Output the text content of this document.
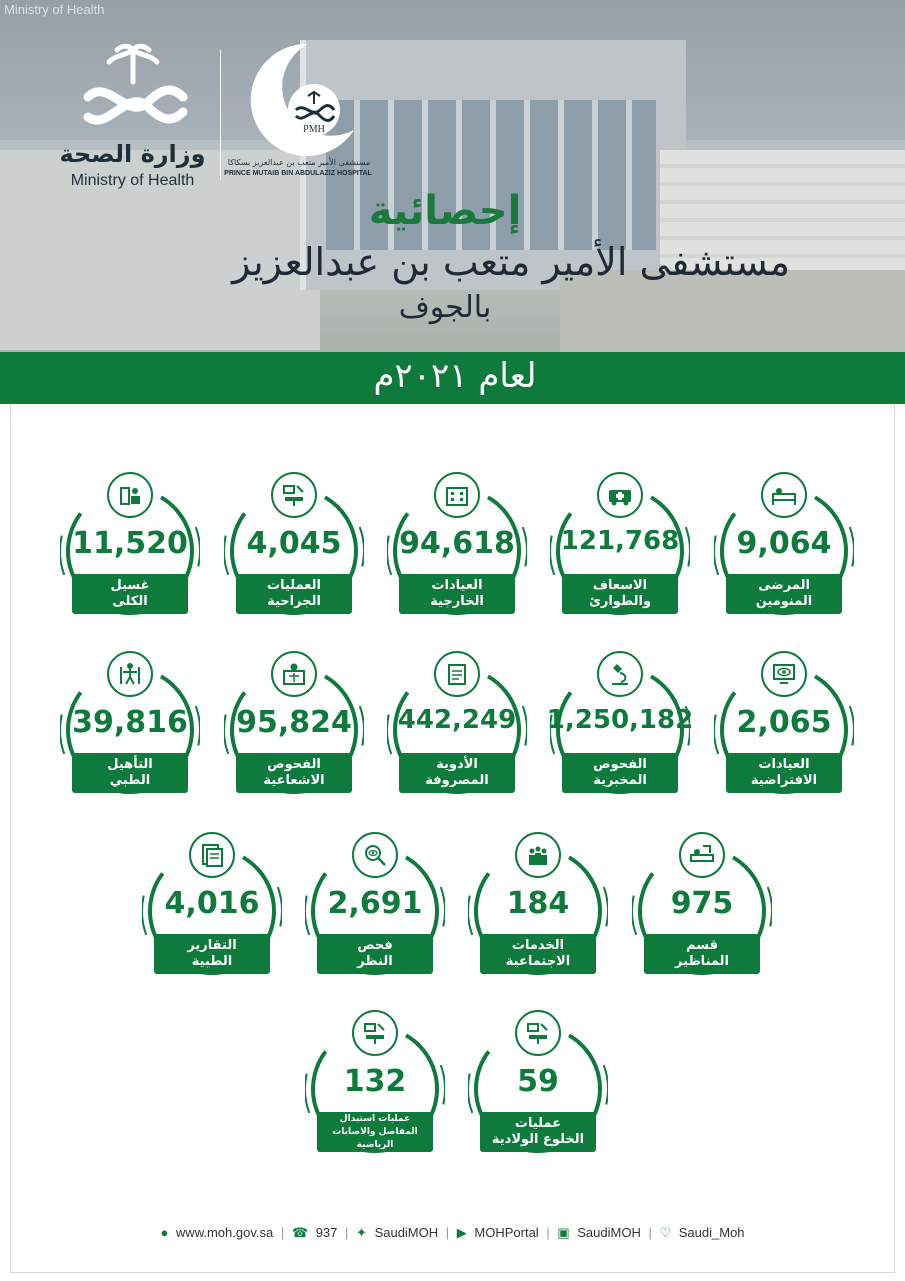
Ministry of Health
وزارة الصحة
Ministry of Health
PMH
مستشفى الأمير متعب بن عبدالعزيز بسكاكا
PRINCE MUTAIB BIN ABDULAZIZ HOSPITAL
إحصائية
مستشفى الأمير متعب بن عبدالعزيز
بالجوف
لعام ٢٠٢١م
9,064
المرضى
المنومين
121,768
الاسعاف
والطوارئ
94,618
العيادات
الخارجية
4,045
العمليات
الجراحية
11,520
غسيل
الكلى
2,065
العيادات
الافتراضية
1,250,182
الفحوص
المخبرية
442,249
الأدوية
المصروفة
95,824
الفحوص
الاشعاعية
39,816
التأهيل
الطبي
975
قسم
المناظير
184
الخدمات
الاجتماعية
2,691
فحص
النظر
4,016
التقارير
الطبية
59
عمليات
الخلوع الولادية
132
عمليات استبدال
المفاصل والاصابات الرياضية
● www.moh.gov.sa | ☎ 937 | ✦ SaudiMOH | ▶ MOHPortal | ▣ SaudiMOH | ♡ Saudi_Moh
